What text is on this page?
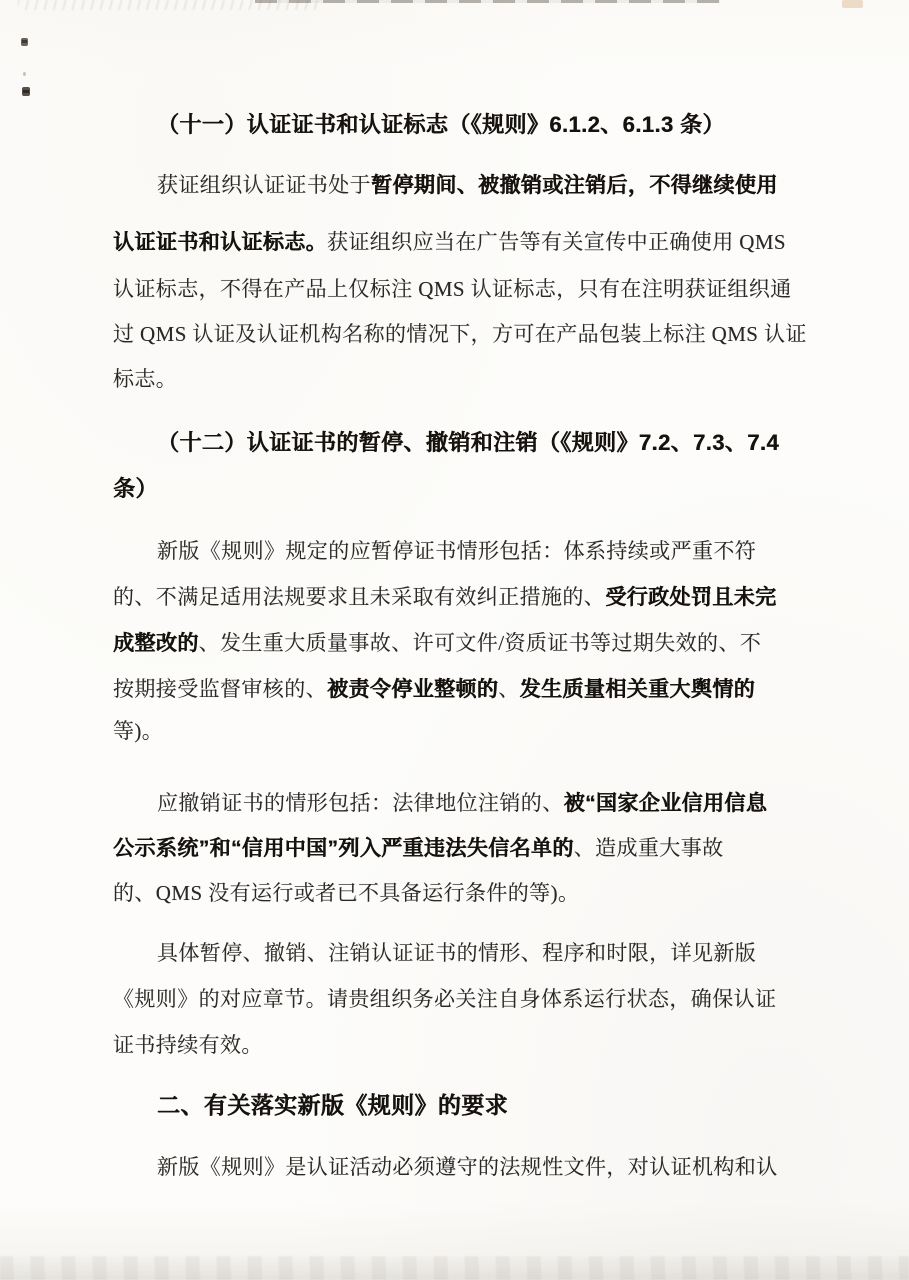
（十一）认证证书和认证标志（《规则》6.1.2、6.1.3 条）
获证组织认证证书处于暂停期间、被撤销或注销后，不得继续使用
认证证书和认证标志。获证组织应当在广告等有关宣传中正确使用 QMS
认证标志，不得在产品上仅标注 QMS 认证标志，只有在注明获证组织通
过 QMS 认证及认证机构名称的情况下，方可在产品包装上标注 QMS 认证
标志。
（十二）认证证书的暂停、撤销和注销（《规则》7.2、7.3、7.4
条）
新版《规则》规定的应暂停证书情形包括：体系持续或严重不符
的、不满足适用法规要求且未采取有效纠正措施的、受行政处罚且未完
成整改的、发生重大质量事故、许可文件/资质证书等过期失效的、不
按期接受监督审核的、被责令停业整顿的、发生质量相关重大舆情的
等)。
应撤销证书的情形包括：法律地位注销的、被“国家企业信用信息
公示系统”和“信用中国”列入严重违法失信名单的、造成重大事故
的、QMS 没有运行或者已不具备运行条件的等)。
具体暂停、撤销、注销认证证书的情形、程序和时限，详见新版
《规则》的对应章节。请贵组织务必关注自身体系运行状态，确保认证
证书持续有效。
二、有关落实新版《规则》的要求
新版《规则》是认证活动必须遵守的法规性文件，对认证机构和认
